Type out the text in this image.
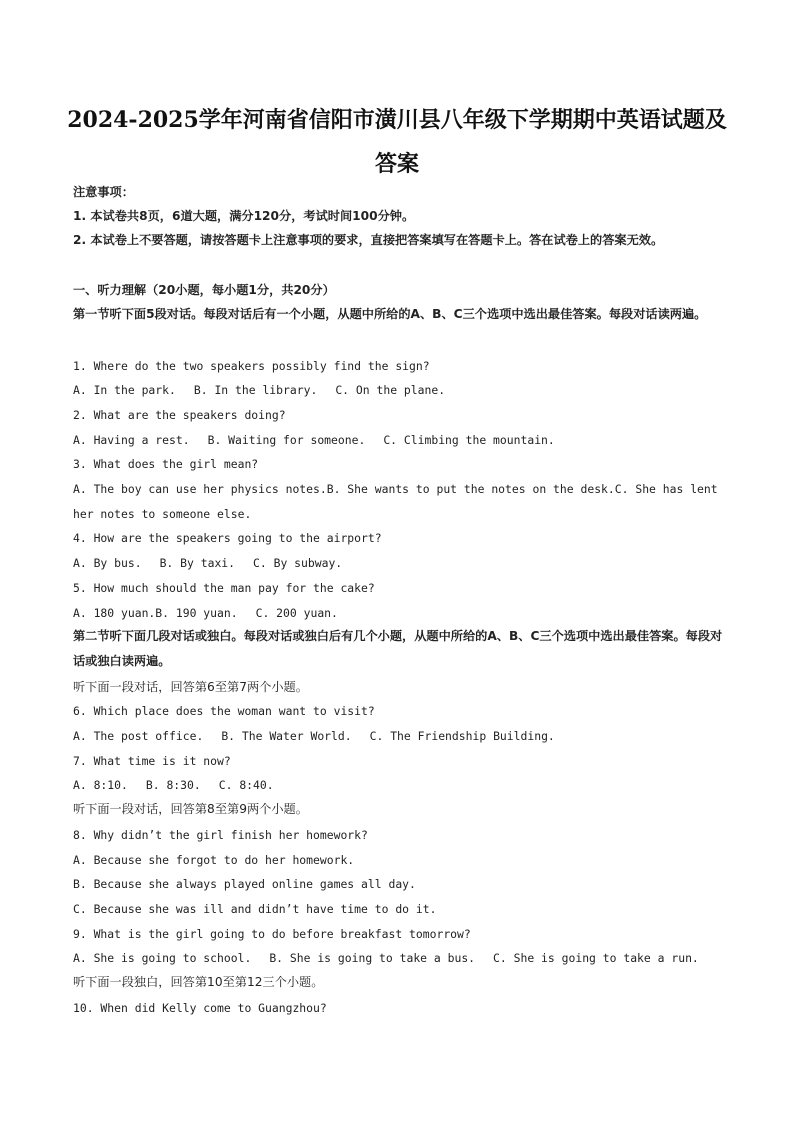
2024-2025学年河南省信阳市潢川县八年级下学期期中英语试题及答案
注意事项：
1. 本试卷共8页，6道大题，满分120分，考试时间100分钟。
2. 本试卷上不要答题，请按答题卡上注意事项的要求，直接把答案填写在答题卡上。答在试卷上的答案无效。
一、听力理解（20小题，每小题1分，共20分）
第一节听下面5段对话。每段对话后有一个小题，从题中所给的A、B、C三个选项中选出最佳答案。每段对话读两遍。
1. Where do the two speakers possibly find the sign?
A. In the park. B. In the library. C. On the plane.
2. What are the speakers doing?
A. Having a rest. B. Waiting for someone. C. Climbing the mountain.
3. What does the girl mean?
A. The boy can use her physics notes.B. She wants to put the notes on the desk.C. She has lent her notes to someone else.
4. How are the speakers going to the airport?
A. By bus. B. By taxi. C. By subway.
5. How much should the man pay for the cake?
A. 180 yuan.B. 190 yuan. C. 200 yuan.
第二节听下面几段对话或独白。每段对话或独白后有几个小题，从题中所给的A、B、C三个选项中选出最佳答案。每段对话或独白读两遍。
听下面一段对话，回答第6至第7两个小题。
6. Which place does the woman want to visit?
A. The post office. B. The Water World. C. The Friendship Building.
7. What time is it now?
A. 8:10. B. 8:30. C. 8:40.
听下面一段对话，回答第8至第9两个小题。
8. Why didn’t the girl finish her homework?
A. Because she forgot to do her homework.
B. Because she always played online games all day.
C. Because she was ill and didn’t have time to do it.
9. What is the girl going to do before breakfast tomorrow?
A. She is going to school. B. She is going to take a bus. C. She is going to take a run.
听下面一段独白，回答第10至第12三个小题。
10. When did Kelly come to Guangzhou?
